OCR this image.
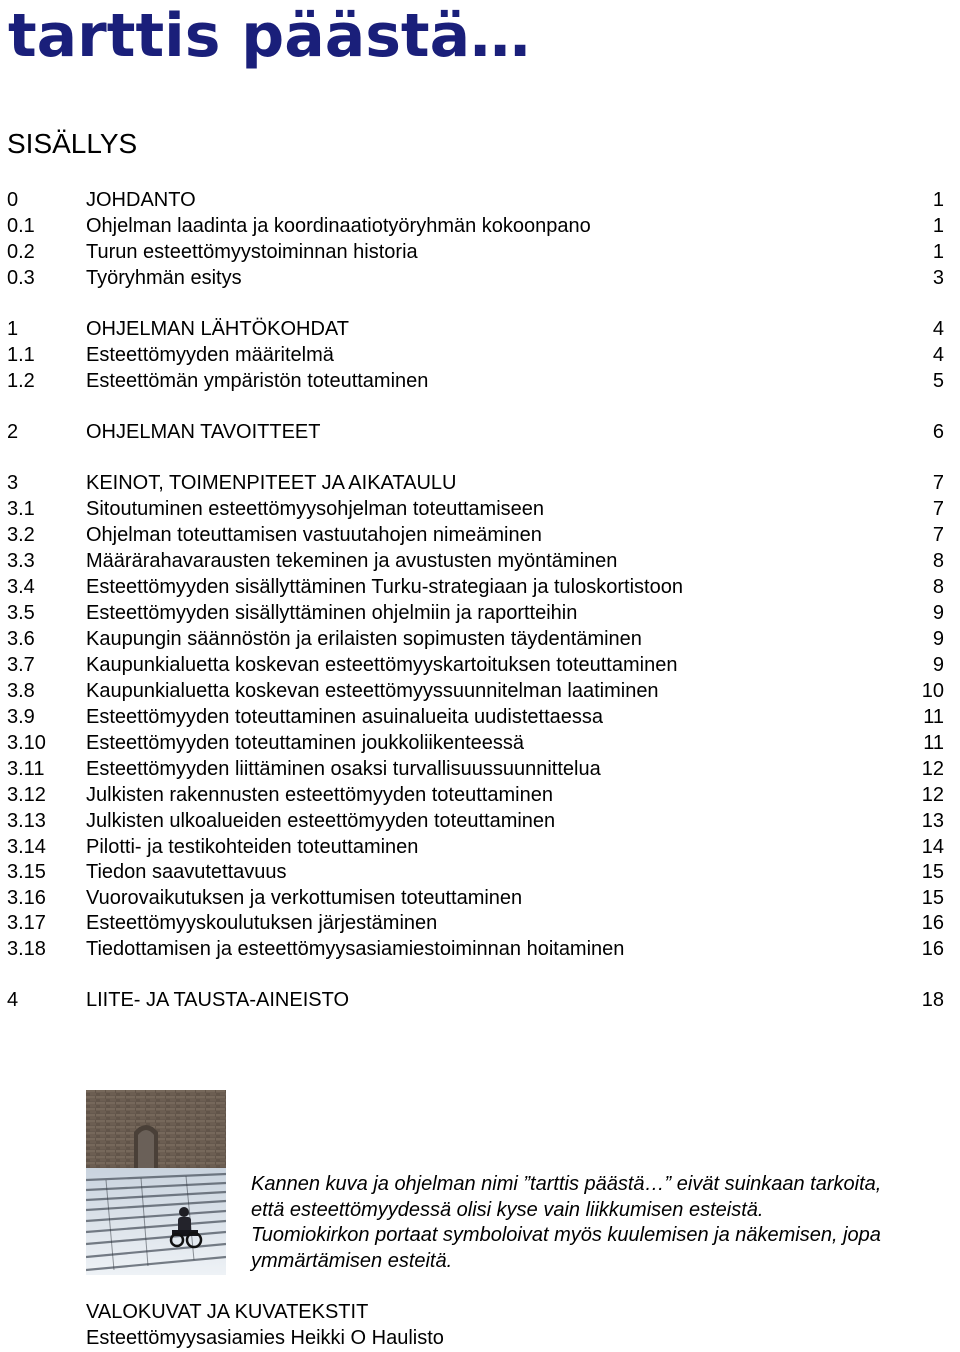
tarttis päästä…
SISÄLLYS
0	JOHDANTO	1
0.1	Ohjelman laadinta ja koordinaatiotyöryhmän kokoonpano	1
0.2	Turun esteettömyystoiminnan historia	1
0.3	Työryhmän esitys	3
1	OHJELMAN LÄHTÖKOHDAT	4
1.1	Esteettömyyden määritelmä	4
1.2	Esteettömän ympäristön toteuttaminen	5
2	OHJELMAN TAVOITTEET	6
3	KEINOT, TOIMENPITEET JA AIKATAULU	7
3.1	Sitoutuminen esteettömyysohjelman toteuttamiseen	7
3.2	Ohjelman toteuttamisen vastuutahojen nimeäminen	7
3.3	Määrärahavarausten tekeminen ja avustusten myöntäminen	8
3.4	Esteettömyyden sisällyttäminen Turku-strategiaan ja tuloskortistoon	8
3.5	Esteettömyyden sisällyttäminen ohjelmiin ja raportteihin	9
3.6	Kaupungin säännöstön ja erilaisten sopimusten täydentäminen	9
3.7	Kaupunkialuetta koskevan esteettömyyskartoituksen toteuttaminen	9
3.8	Kaupunkialuetta koskevan esteettömyyssuunnitelman laatiminen	10
3.9	Esteettömyyden toteuttaminen asuinalueita uudistettaessa	11
3.10 Esteettömyyden toteuttaminen joukkoliikenteessä	11
3.11 Esteettömyyden liittäminen osaksi turvallisuussuunnittelua	12
3.12 Julkisten rakennusten esteettömyyden toteuttaminen	12
3.13 Julkisten ulkoalueiden esteettömyyden toteuttaminen	13
3.14 Pilotti- ja testikohteiden toteuttaminen	14
3.15 Tiedon saavutettavuus	15
3.16 Vuorovaikutuksen ja verkottumisen toteuttaminen	15
3.17 Esteettömyyskoulutuksen järjestäminen	16
3.18 Tiedottamisen ja esteettömyysasiamiestoiminnan hoitaminen	16
4	LIITE- JA TAUSTA-AINEISTO	18

Kannen kuva ja ohjelman nimi ”tarttis päästä…” eivät suinkaan tarkoita,
että esteettömyydessä olisi kyse vain liikkumisen esteistä.
Tuomiokirkon portaat symboloivat myös kuulemisen ja näkemisen, jopa
ymmärtämisen esteitä.

VALOKUVAT JA KUVATEKSTIT
Esteettömyysasiamies Heikki O Haulisto
